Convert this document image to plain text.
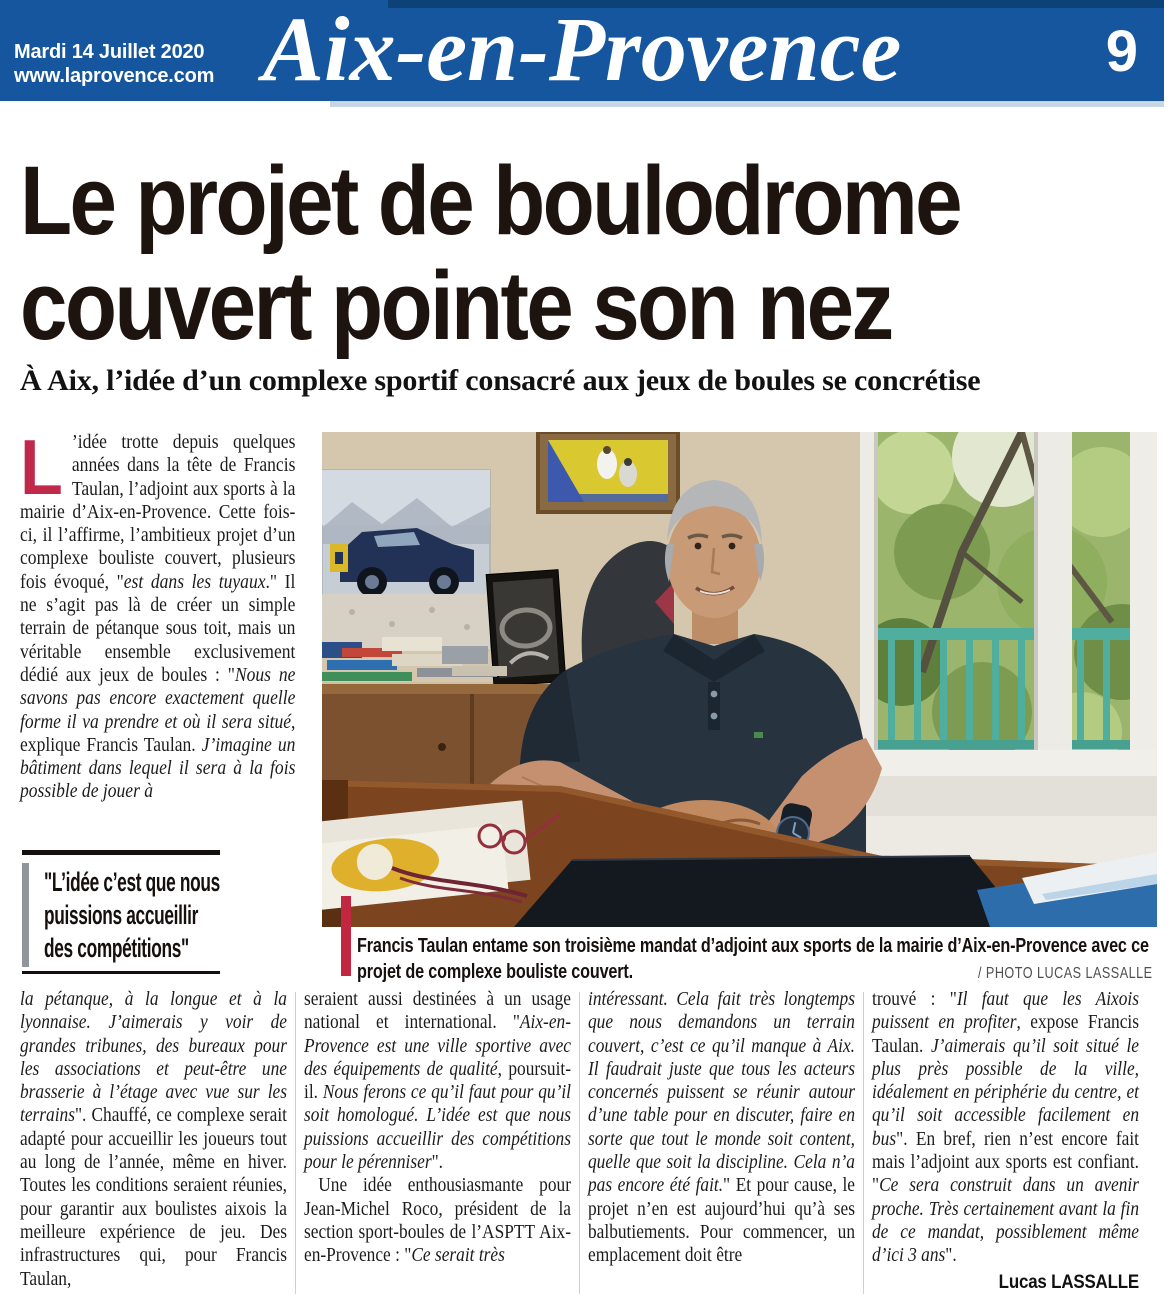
Mardi 14 Juillet 2020
www.laprovence.com Aix-en-Provence	9
Le projet de boulodrome
couvert pointe son nez
À Aix, l’idée d’un complexe sportif consacré aux jeux de boules se concrétise
L ’idée trotte depuis quelques années dans la tête de Francis Taulan, l’adjoint aux sports à la mairie d’Aix-en-Provence. Cette fois-ci, il l’affirme, l’ambitieux projet d’un complexe bouliste couvert, plusieurs fois évoqué, "est dans les tuyaux." Il ne s’agit pas là de créer un simple terrain de pétanque sous toit, mais un véritable ensemble exclusivement dédié aux jeux de boules : "Nous ne savons pas encore exactement quelle forme il va prendre et où il sera situé, explique Francis Taulan. J’imagine un bâtiment dans lequel il sera à la fois possible de jouer à
"L’idée c’est que nous
puissions accueillir
des compétitions"	Francis Taulan entame son troisième mandat d’adjoint aux sports de la mairie d’Aix-en-Provence avec ce projet de complexe bouliste couvert.	/ PHOTO LUCAS LASSALLE

la pétanque, à la longue et à la lyonnaise. J’aimerais y voir de grandes tribunes, des bureaux pour les associations et peut-être une brasserie à l’étage avec vue sur les terrains". Chauffé, ce complexe serait adapté pour accueillir les joueurs tout au long de l’année, même en hiver. Toutes les conditions seraient réunies, pour garantir aux boulistes aixois la meilleure expérience de jeu. Des infrastructures qui, pour Francis Taulan,

seraient aussi destinées à un usage national et international. "Aix-en-Provence est une ville sportive avec des équipements de qualité, poursuit-il. Nous ferons ce qu’il faut pour qu’il soit homologué. L’idée est que nous puissions accueillir des compétitions pour le pérenniser".

Une idée enthousiasmante pour Jean-Michel Roco, président de la section sport-boules de l’ASPTT Aix-en-Provence : "Ce serait très

intéressant. Cela fait très longtemps que nous demandons un terrain couvert, c’est ce qu’il manque à Aix. Il faudrait juste que tous les acteurs concernés puissent se réunir autour d’une table pour en discuter, faire en sorte que tout le monde soit content, quelle que soit la discipline. Cela n’a pas encore été fait." Et pour cause, le projet n’en est aujourd’hui qu’à ses balbutiements. Pour commencer, un emplacement doit être

trouvé : "Il faut que les Aixois puissent en profiter, expose Francis Taulan. J’aimerais qu’il soit situé le plus près possible de la ville, idéalement en périphérie du centre, et qu’il soit accessible facilement en bus". En bref, rien n’est encore fait mais l’adjoint aux sports est confiant. "Ce sera construit dans un avenir proche. Très certainement avant la fin de ce mandat, possiblement même d’ici 3 ans".

Lucas LASSALLE
